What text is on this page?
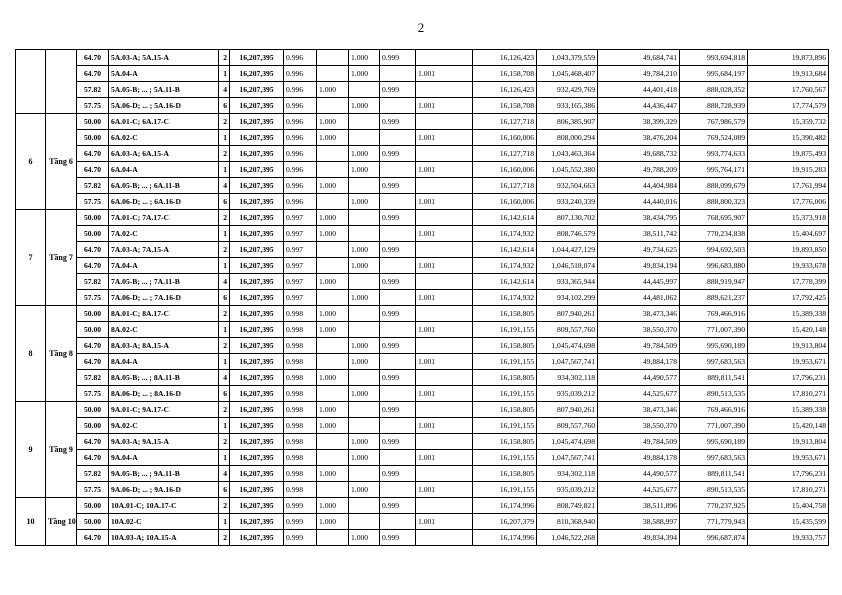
2
		64.70	5A.03-A; 5A.15-A	2	16,207,395	0.996		1.000	0.999		16,126,423	1,043,379,559	49,684,741	993,694,818	19,873,896	
		64.70	5A.04-A	1	16,207,395	0.996		1.000		1.001	16,158,708	1,045,468,407	49,784,210	995,684,197	19,913,684	
		57.82	5A.05-B; ... ; 5A.11-B	4	16,207,395	0.996	1.000		0.999		16,126,423	932,429,769	44,401,418	888,028,352	17,760,567	
		57.75	5A.06-D; ... ; 5A.16-D	6	16,207,395	0.996		1.000		1.001	16,158,708	933,165,386	44,436,447	888,728,939	17,774,579	
6	Tầng 6	50.00	6A.01-C; 6A.17-C	2	16,207,395	0.996	1.000		0.999		16,127,718	806,385,907	38,399,329	767,986,579	15,359,732	
		50.00	6A.02-C	1	16,207,395	0.996	1.000			1.001	16,160,006	808,000,294	38,476,204	769,524,089	15,390,482	
		64.70	6A.03-A; 6A.15-A	2	16,207,395	0.996		1.000	0.999		16,127,718	1,043,463,364	49,688,732	993,774,633	19,875,493	
		64.70	6A.04-A	1	16,207,395	0.996		1.000		1.001	16,160,006	1,045,552,380	49,788,209	995,764,171	19,915,283	
		57.82	6A.05-B; ... ; 6A.11-B	4	16,207,395	0.996	1.000		0.999		16,127,718	932,504,663	44,404,984	888,099,679	17,761,994	
		57.75	6A.06-D; ... ; 6A.16-D	6	16,207,395	0.996		1.000		1.001	16,160,006	933,240,339	44,440,016	888,800,323	17,776,006	
7	Tầng 7	50.00	7A.01-C; 7A.17-C	2	16,207,395	0.997	1.000		0.999		16,142,614	807,130,702	38,434,795	768,695,907	15,373,918	
		50.00	7A.02-C	1	16,207,395	0.997	1.000			1.001	16,174,932	808,746,579	38,511,742	770,234,838	15,404,697	
		64.70	7A.03-A; 7A.15-A	2	16,207,395	0.997		1.000	0.999		16,142,614	1,044,427,129	49,734,625	994,692,503	19,893,850	
		64.70	7A.04-A	1	16,207,395	0.997		1.000		1.001	16,174,932	1,046,518,074	49,834,194	996,683,880	19,933,678	
		57.82	7A.05-B; ... ; 7A.11-B	4	16,207,395	0.997	1.000		0.999		16,142,614	933,365,944	44,445,997	888,919,947	17,778,399	
		57.75	7A.06-D; ... ; 7A.16-D	6	16,207,395	0.997		1.000		1.001	16,174,932	934,102,299	44,481,062	889,621,237	17,792,425	
8	Tầng 8	50.00	8A.01-C; 8A.17-C	2	16,207,395	0.998	1.000		0.999		16,158,805	807,940,261	38,473,346	769,466,916	15,389,338	
		50.00	8A.02-C	1	16,207,395	0.998	1.000			1.001	16,191,155	809,557,760	38,550,370	771,007,390	15,420,148	
		64.70	8A.03-A; 8A.15-A	2	16,207,395	0.998		1.000	0.999		16,158,805	1,045,474,698	49,784,509	995,690,189	19,913,804	
		64.70	8A.04-A	1	16,207,395	0.998		1.000		1.001	16,191,155	1,047,567,741	49,884,178	997,683,563	19,953,671	
		57.82	8A.05-B; ... ; 8A.11-B	4	16,207,395	0.998	1.000		0.999		16,158,805	934,302,118	44,490,577	889,811,541	17,796,231	
		57.75	8A.06-D; ... ; 8A.16-D	6	16,207,395	0.998		1.000		1.001	16,191,155	935,039,212	44,525,677	890,513,535	17,810,271	
9	Tầng 9	50.00	9A.01-C; 9A.17-C	2	16,207,395	0.998	1.000		0.999		16,158,805	807,940,261	38,473,346	769,466,916	15,389,338	
		50.00	9A.02-C	1	16,207,395	0.998	1.000			1.001	16,191,155	809,557,760	38,550,370	771,007,390	15,420,148	
		64.70	9A.03-A; 9A.15-A	2	16,207,395	0.998		1.000	0.999		16,158,805	1,045,474,698	49,784,509	995,690,189	19,913,804	
		64.70	9A.04-A	1	16,207,395	0.998		1.000		1.001	16,191,155	1,047,567,741	49,884,178	997,683,563	19,953,671	
		57.82	9A.05-B; ... ; 9A.11-B	4	16,207,395	0.998	1.000		0.999		16,158,805	934,302,118	44,490,577	889,811,541	17,796,231	
		57.75	9A.06-D; ... ; 9A.16-D	6	16,207,395	0.998		1.000		1.001	16,191,155	935,039,212	44,525,677	890,513,535	17,810,271	
10	Tầng 10	50.00	10A.01-C; 10A.17-C	2	16,207,395	0.999	1.000		0.999		16,174,996	808,749,821	38,511,896	770,237,925	15,404,758	
		50.00	10A.02-C	1	16,207,395	0.999	1.000			1.001	16,207,379	810,368,940	38,588,997	771,779,943	15,435,599	
		64.70	10A.03-A; 10A.15-A	2	16,207,395	0.999		1.000	0.999		16,174,996	1,046,522,268	49,834,394	996,687,874	19,933,757	
